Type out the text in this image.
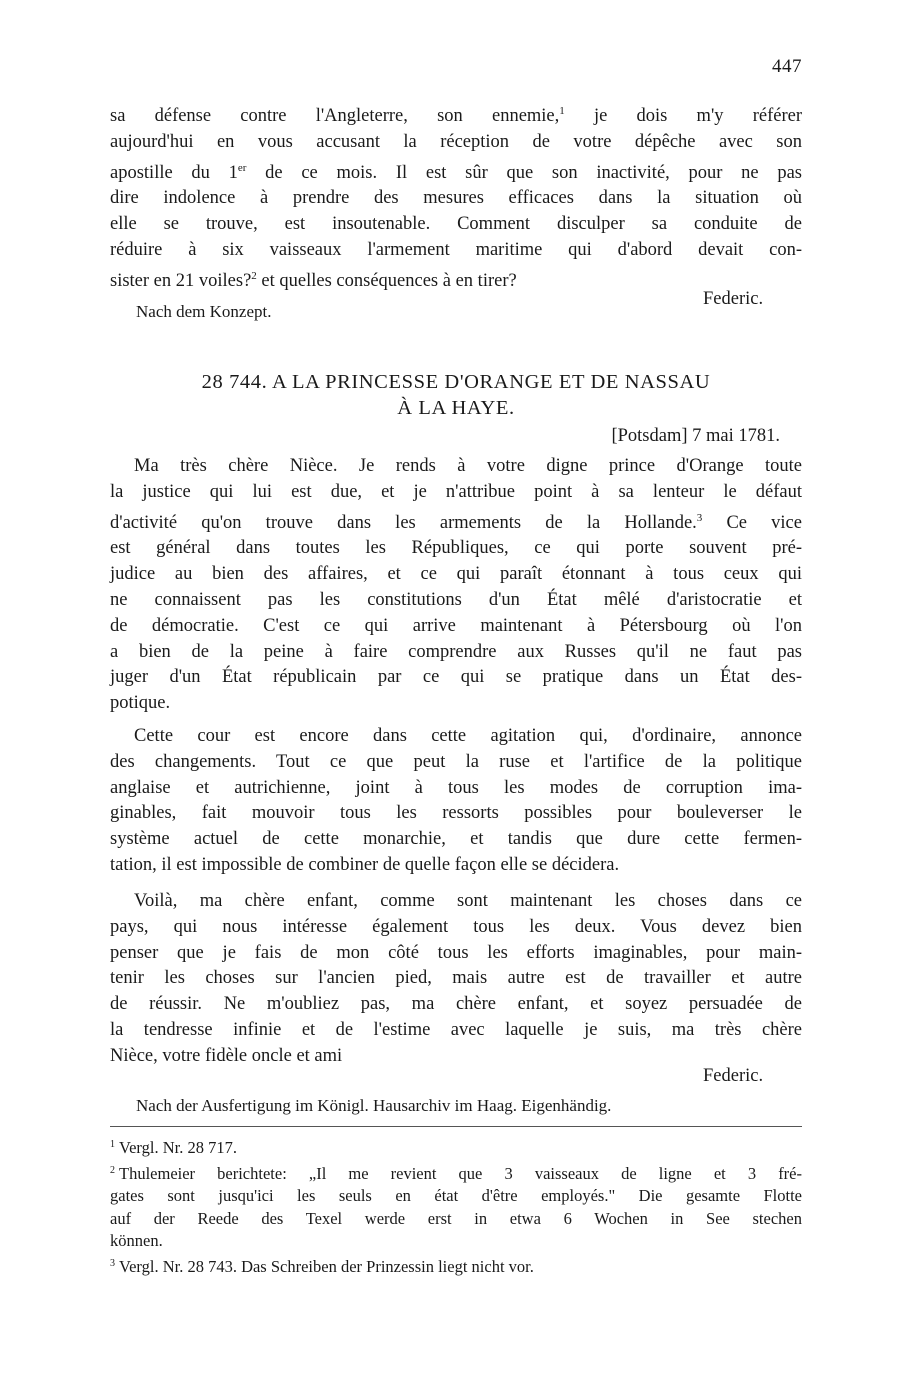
447
sa défense contre l'Angleterre, son ennemie,$^1$ je dois m'y référer
aujourd'hui en vous accusant la réception de votre dépêche avec son
apostille du 1er de ce mois. Il est sûr que son inactivité, pour ne pas
dire indolence à prendre des mesures efficaces dans la situation où
elle se trouve, est insoutenable. Comment disculper sa conduite de
réduire à six vaisseaux l'armement maritime qui d'abord devait con-
sister en 21 voiles?$^2$ et quelles conséquences à en tirer?
Federic.
Nach dem Konzept.
28 744. A LA PRINCESSE D'ORANGE ET DE NASSAU
À LA HAYE.
[Potsdam] 7 mai 1781.
Ma très chère Nièce. Je rends à votre digne prince d'Orange toute
la justice qui lui est due, et je n'attribue point à sa lenteur le défaut
d'activité qu'on trouve dans les armements de la Hollande.$^3$ Ce vice
est général dans toutes les Républiques, ce qui porte souvent pré-
judice au bien des affaires, et ce qui paraît étonnant à tous ceux qui
ne connaissent pas les constitutions d'un État mêlé d'aristocratie et
de démocratie. C'est ce qui arrive maintenant à Pétersbourg où l'on
a bien de la peine à faire comprendre aux Russes qu'il ne faut pas
juger d'un État républicain par ce qui se pratique dans un État des-
potique.
Cette cour est encore dans cette agitation qui, d'ordinaire, annonce
des changements. Tout ce que peut la ruse et l'artifice de la politique
anglaise et autrichienne, joint à tous les modes de corruption ima-
ginables, fait mouvoir tous les ressorts possibles pour bouleverser le
système actuel de cette monarchie, et tandis que dure cette fermen-
tation, il est impossible de combiner de quelle façon elle se décidera.
Voilà, ma chère enfant, comme sont maintenant les choses dans ce
pays, qui nous intéresse également tous les deux. Vous devez bien
penser que je fais de mon côté tous les efforts imaginables, pour main-
tenir les choses sur l'ancien pied, mais autre est de travailler et autre
de réussir. Ne m'oubliez pas, ma chère enfant, et soyez persuadée de
la tendresse infinie et de l'estime avec laquelle je suis, ma très chère
Nièce, votre fidèle oncle et ami
Federic.
Nach der Ausfertigung im Königl. Hausarchiv im Haag. Eigenhändig.
$^1$ Vergl. Nr. 28 717.
$^2$ Thulemeier berichtete: „Il me revient que 3 vaisseaux de ligne et 3 fré-
gates sont jusqu'ici les seuls en état d'être employés." Die gesamte Flotte
auf der Reede des Texel werde erst in etwa 6 Wochen in See stechen
können.
$^3$ Vergl. Nr. 28 743. Das Schreiben der Prinzessin liegt nicht vor.
